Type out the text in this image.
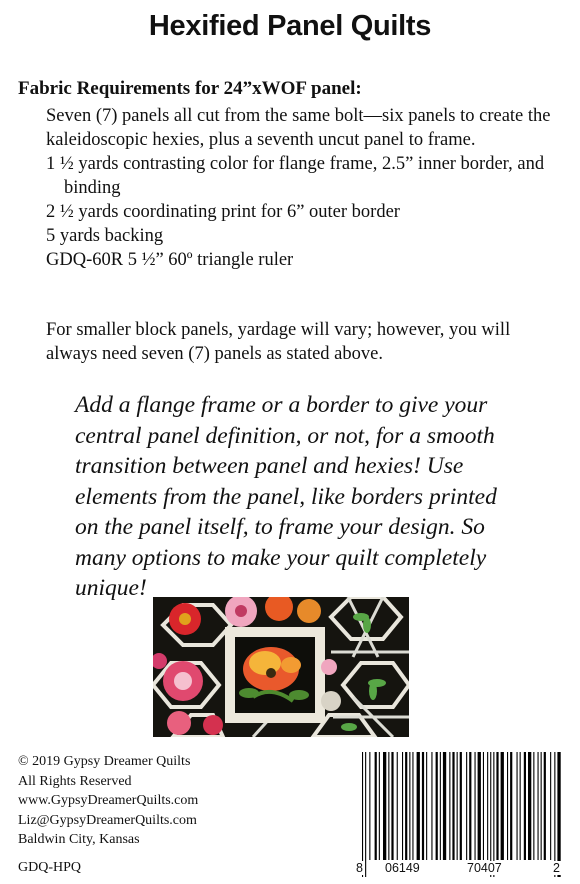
Hexified Panel Quilts
Fabric Requirements for 24”xWOF panel:
Seven (7) panels all cut from the same bolt—six panels to create the kaleidoscopic hexies, plus a seventh uncut panel to frame.
1 ½ yards contrasting color for flange frame, 2.5” inner border, and binding
2 ½ yards coordinating print for 6” outer border
5 yards backing
GDQ-60R 5 ½” 60º triangle ruler
For smaller block panels, yardage will vary; however, you will always need seven (7) panels as stated above.
Add a flange frame or a border to give your central panel definition, or not, for a smooth transition between panel and hexies! Use elements from the panel, like borders printed on the panel itself, to frame your design. So many options to make your quilt completely unique!
© 2019 Gypsy Dreamer Quilts
All Rights Reserved
www.GypsyDreamerQuilts.com
Liz@GypsyDreamerQuilts.com
Baldwin City, Kansas
GDQ-HPQ	8 06149	70407	2
